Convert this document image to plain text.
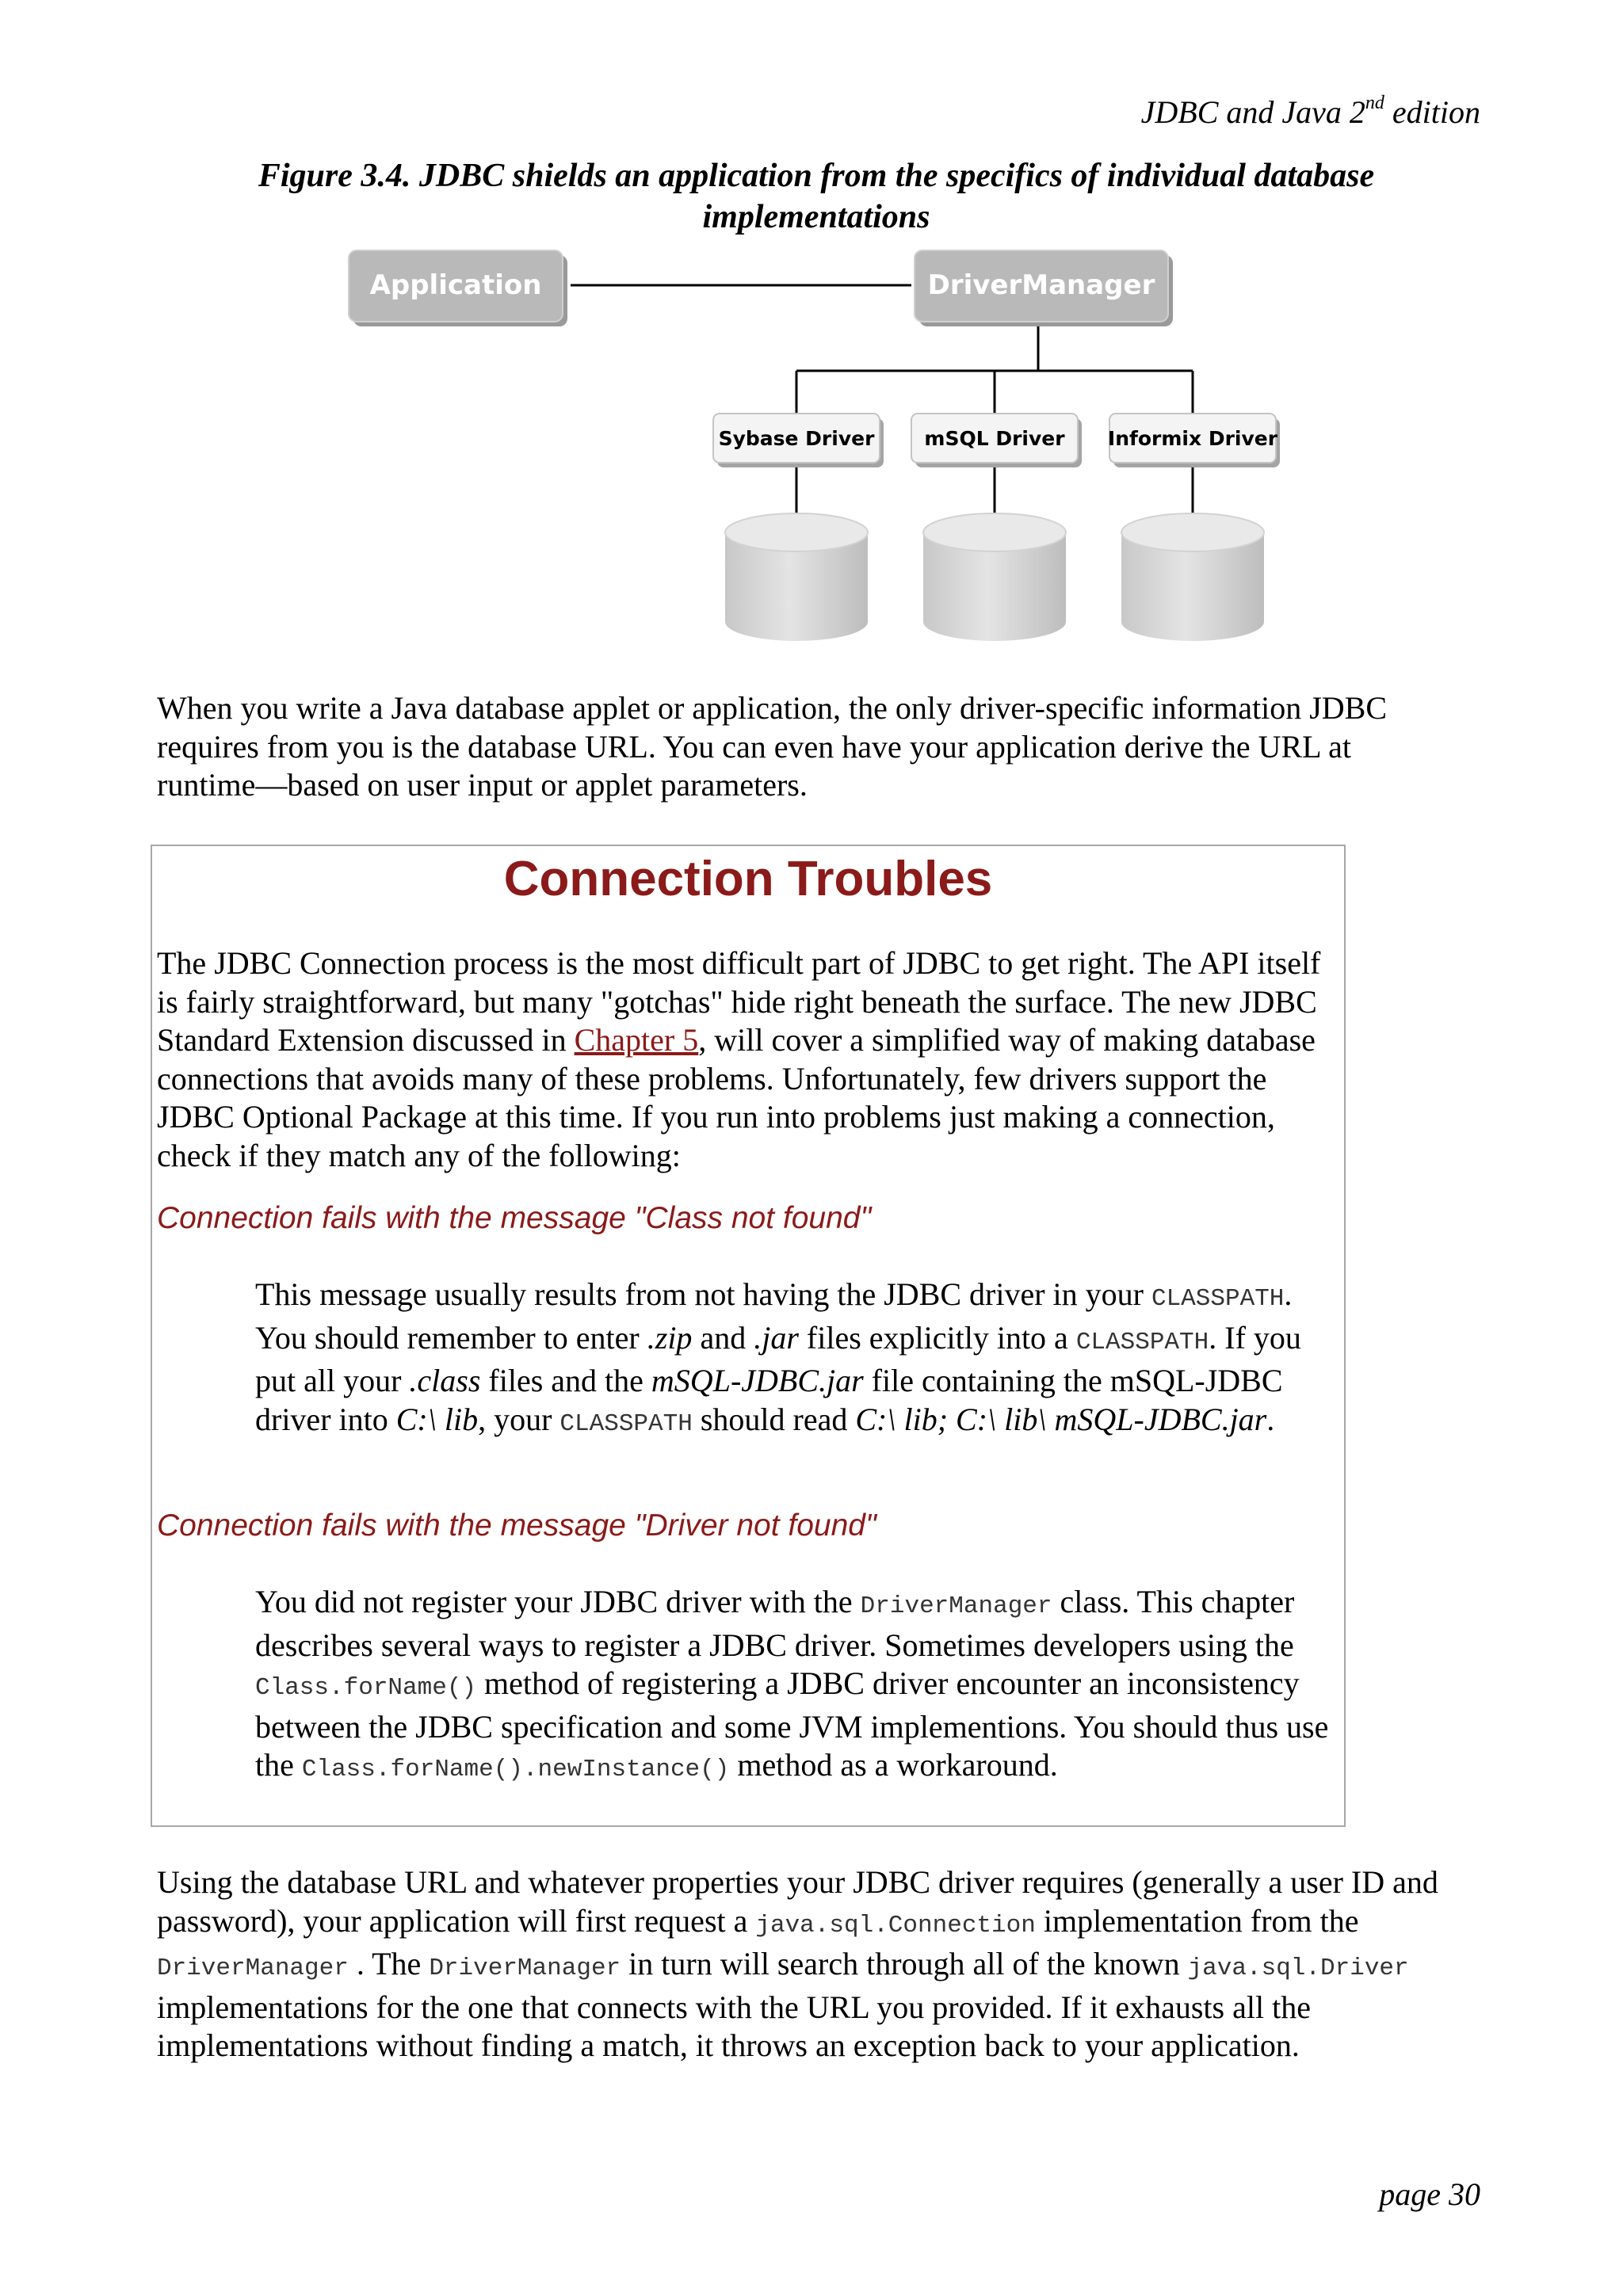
JDBC and Java 2nd edition
Figure 3.4. JDBC shields an application from the specifics of individual database implementations
Application	DriverManager
Sybase Driver	mSQL Driver Informix Driver
When you write a Java database applet or application, the only driver-specific information JDBC requires from you is the database URL. You can even have your application derive the URL at runtime—based on user input or applet parameters.
Connection Troubles
The JDBC Connection process is the most difficult part of JDBC to get right. The API itself is fairly straightforward, but many "gotchas" hide right beneath the surface. The new JDBC Standard Extension discussed in Chapter 5, will cover a simplified way of making database connections that avoids many of these problems. Unfortunately, few drivers support the JDBC Optional Package at this time. If you run into problems just making a connection, check if they match any of the following:
Connection fails with the message "Class not found"
This message usually results from not having the JDBC driver in your CLASSPATH. You should remember to enter .zip and .jar files explicitly into a CLASSPATH. If you put all your .class files and the mSQL-JDBC.jar file containing the mSQL-JDBC driver into C:\ lib, your CLASSPATH should read C:\ lib; C:\ lib\ mSQL-JDBC.jar.
Connection fails with the message "Driver not found"
You did not register your JDBC driver with the DriverManager class. This chapter describes several ways to register a JDBC driver. Sometimes developers using the Class.forName() method of registering a JDBC driver encounter an inconsistency between the JDBC specification and some JVM implementions. You should thus use the Class.forName().newInstance() method as a workaround.
Using the database URL and whatever properties your JDBC driver requires (generally a user ID and password), your application will first request a java.sql.Connection implementation from the DriverManager . The DriverManager in turn will search through all of the known java.sql.Driver implementations for the one that connects with the URL you provided. If it exhausts all the implementations without finding a match, it throws an exception back to your application.
page 30
